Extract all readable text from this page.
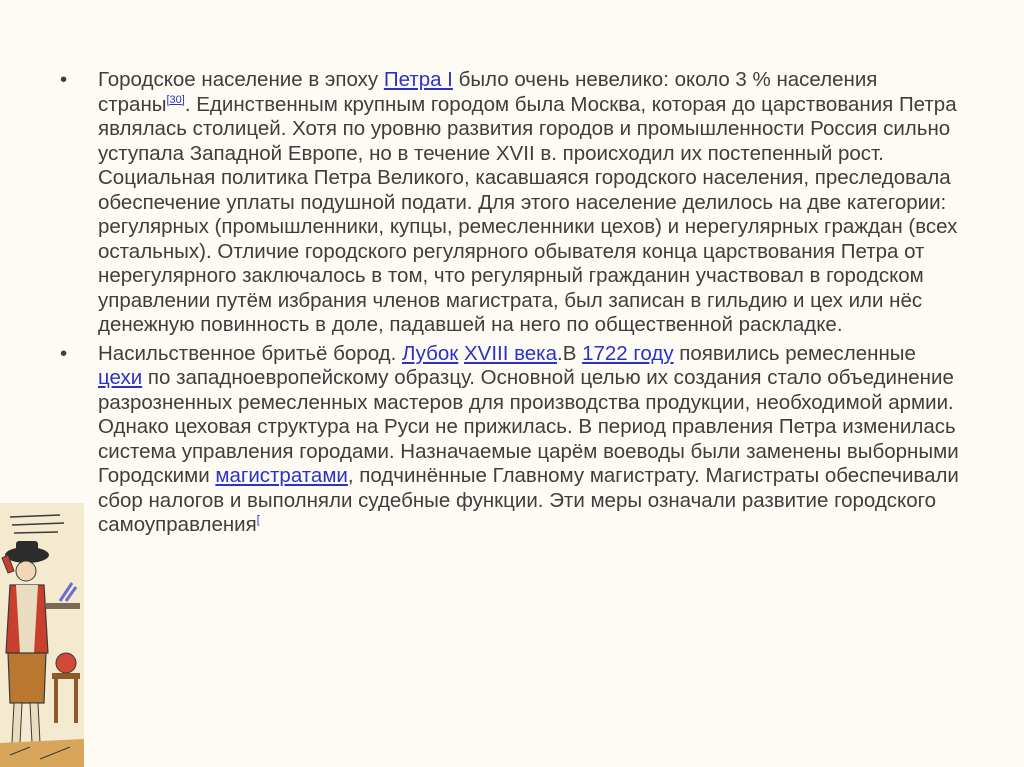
• Городское население в эпоху Петра I было очень невелико: около 3 % населения страны[30]. Единственным крупным городом была Москва, которая до царствования Петра являлась столицей. Хотя по уровню развития городов и промышленности Россия сильно уступала Западной Европе, но в течение XVII в. происходил их постепенный рост. Социальная политика Петра Великого, касавшаяся городского населения, преследовала обеспечение уплаты подушной подати. Для этого население делилось на две категории: регулярных (промышленники, купцы, ремесленники цехов) и нерегулярных граждан (всех остальных). Отличие городского регулярного обывателя конца царствования Петра от нерегулярного заключалось в том, что регулярный гражданин участвовал в городском управлении путём избрания членов магистрата, был записан в гильдию и цех или нёс денежную повинность в доле, падавшей на него по общественной раскладке.
• Насильственное бритьё бород. Лубок XVIII века.В 1722 году появились ремесленные цехи по западноевропейскому образцу. Основной целью их создания стало объединение разрозненных ремесленных мастеров для производства продукции, необходимой армии. Однако цеховая структура на Руси не прижилась. В период правления Петра изменилась система управления городами. Назначаемые царём воеводы были заменены выборными Городскими магистратами, подчинённые Главному магистрату. Магистраты обеспечивали сбор налогов и выполняли судебные функции. Эти меры означали развитие городского самоуправления[
